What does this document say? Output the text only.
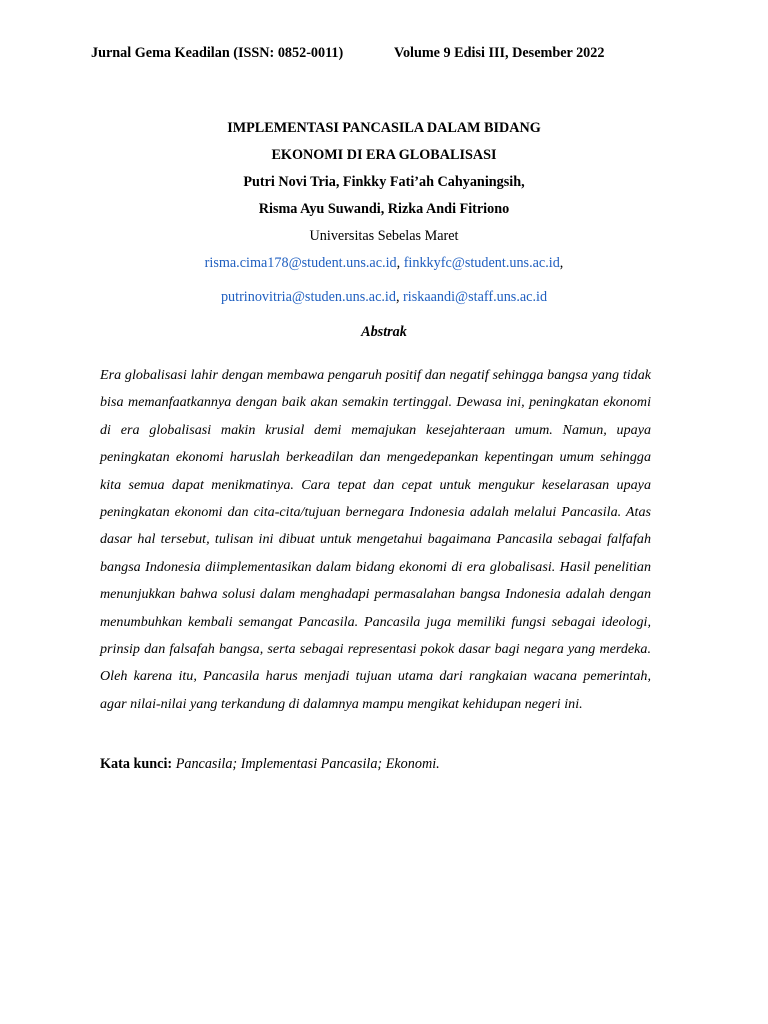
Jurnal Gema Keadilan (ISSN: 0852-0011)	Volume 9 Edisi III, Desember 2022
IMPLEMENTASI PANCASILA DALAM BIDANG
EKONOMI DI ERA GLOBALISASI
Putri Novi Tria, Finkky Fati’ah Cahyaningsih,
Risma Ayu Suwandi, Rizka Andi Fitriono
Universitas Sebelas Maret
risma.cima178@student.uns.ac.id, finkkyfc@student.uns.ac.id,
putrinovitria@studen.uns.ac.id, riskaandi@staff.uns.ac.id
Abstrak

Era globalisasi lahir dengan membawa pengaruh positif dan negatif sehingga bangsa yang tidak bisa memanfaatkannya dengan baik akan semakin tertinggal. Dewasa ini, peningkatan ekonomi di era globalisasi makin krusial demi memajukan kesejahteraan umum. Namun, upaya peningkatan ekonomi haruslah berkeadilan dan mengedepankan kepentingan umum sehingga kita semua dapat menikmatinya. Cara tepat dan cepat untuk mengukur keselarasan upaya peningkatan ekonomi dan cita-cita/tujuan bernegara Indonesia adalah melalui Pancasila. Atas dasar hal tersebut, tulisan ini dibuat untuk mengetahui bagaimana Pancasila sebagai falfafah bangsa Indonesia diimplementasikan dalam bidang ekonomi di era globalisasi. Hasil penelitian menunjukkan bahwa solusi dalam menghadapi permasalahan bangsa Indonesia adalah dengan menumbuhkan kembali semangat Pancasila. Pancasila juga memiliki fungsi sebagai ideologi, prinsip dan falsafah bangsa, serta sebagai representasi pokok dasar bagi negara yang merdeka. Oleh karena itu, Pancasila harus menjadi tujuan utama dari rangkaian wacana pemerintah, agar nilai-nilai yang terkandung di dalamnya mampu mengikat kehidupan negeri ini.

Kata kunci: Pancasila; Implementasi Pancasila; Ekonomi.
